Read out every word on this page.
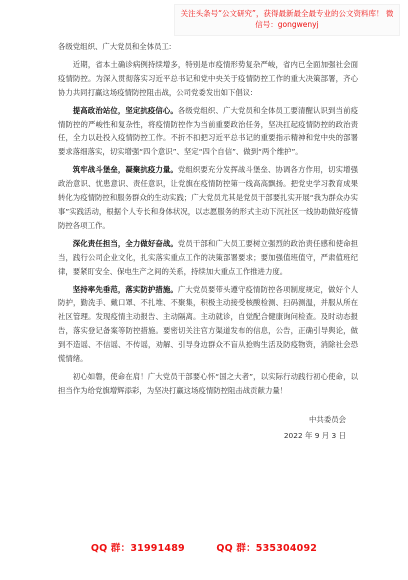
关注头条号“公文研究”，获得最新最全最专业的公文资料库！ 微信号：gongwenyj

各级党组织、广大党员和全体员工:

近期，省本土确诊病例持续增多，特别是市疫情形势复杂严峻，省内已全面加强社会面疫情防控。为深入贯彻落实习近平总书记和党中央关于疫情防控工作的重大决策部署，齐心协力共同打赢这场疫情防控阻击战，公司党委发出如下倡议:

提高政治站位，坚定抗疫信心。各级党组织、广大党员和全体员工要清醒认识到当前疫情防控的严峻性和复杂性，将疫情防控作为当前重要政治任务，坚决扛起疫情防控的政治责任，全力以赴投入疫情防控工作。不折不扣把习近平总书记的重要指示精神和党中央的部署要求落细落实，切实增强“四个意识”、坚定“四个自信”、做到“两个维护”。

筑牢战斗堡垒，凝聚抗疫力量。党组织要充分发挥战斗堡垒、协调各方作用，切实增强政治意识、忧患意识、责任意识，让党旗在疫情防控第一线高高飘扬。把党史学习教育成果转化为疫情防控和服务群众的生动实践；广大党员尤其是党员干部要扎实开展“我为群众办实事”实践活动，根据个人专长和身体状况，以志愿服务的形式主动下沉社区一线协助做好疫情防控各项工作。

深化责任担当，全力做好奋战。党员干部和广大员工要树立强烈的政治责任感和使命担当，践行公司企业文化，扎实落实重点工作的决策部署要求；要加强值班值守，严肃值班纪律，要紧盯安全、保电生产之间的关系，持续加大重点工作推进力度。

坚持率先垂范，落实防护措施。广大党员要带头遵守疫情防控各项制度规定，做好个人防护，勤洗手、戴口罩、不扎堆、不聚集，积极主动接受核酸检测、扫码测温，并服从所在社区管理。发现疫情主动报告、主动隔离。主动就诊，自觉配合健康询问检查。及时动态报告，落实登记备案等防控措施。要密切关注官方渠道发布的信息，公告，正确引导舆论，做到不造谣、不信谣、不传谣，劝解、引导身边群众不盲从抢购生活及防疫物资，消除社会恐慌情绪。

初心如磐，使命在肩！广大党员干部要心怀“国之大者”，以实际行动践行初心使命，以担当作为给党旗增辉添彩，为坚决打赢这场疫情防控阻击战贡献力量！

中共委员会
2022 年 9 月 3 日
QQ 群：31991489	QQ 群：535304092
